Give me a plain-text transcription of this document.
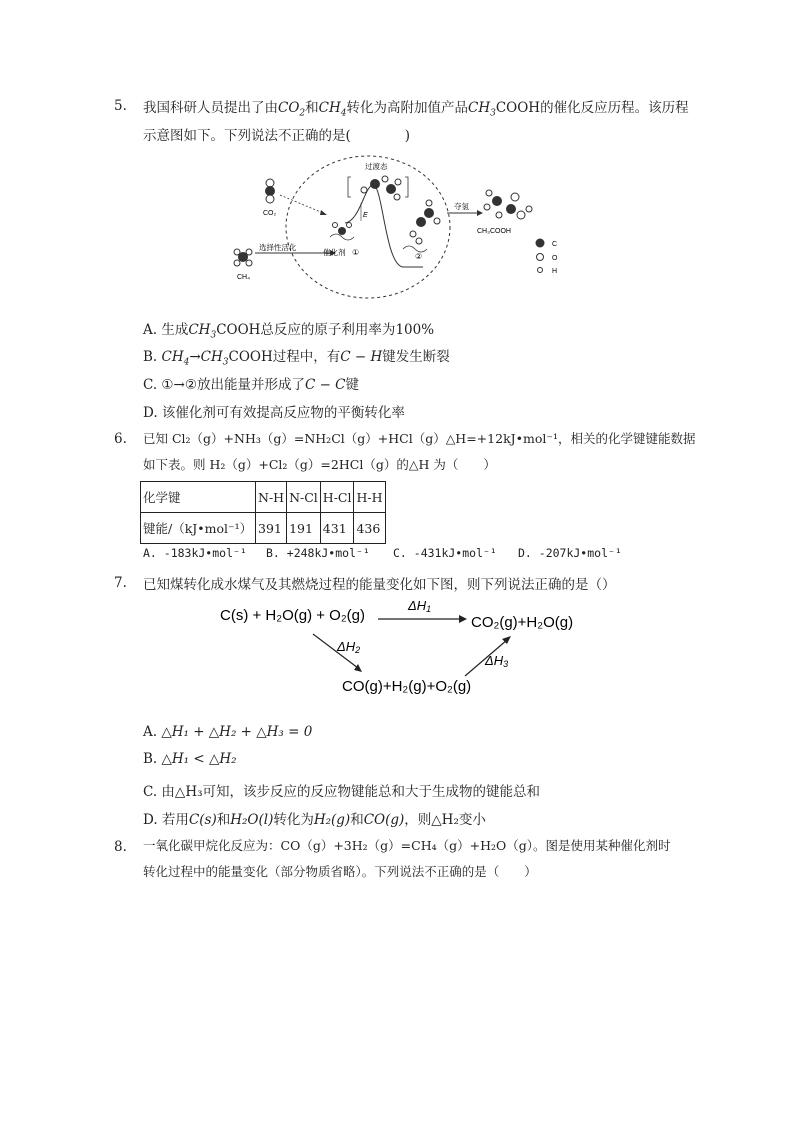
5. 我国科研人员提出了由$CO_2$和$CH_4$转化为高附加值产品$CH_3COOH$的催化反应历程。该历程
示意图如下。下列说法不正确的是(　　　　)
CO₂
CH₄
选择性活化
催化剂 ①
过渡态
E
②
夺氢
CH₃COOH
C
O
H
A. 生成$CH_3COOH$总反应的原子利用率为100%
B. $CH_4\to CH_3COOH$过程中，有C − H键发生断裂
C. ①→②放出能量并形成了C − C键
D. 该催化剂可有效提高反应物的平衡转化率
6. 已知 Cl₂（g）+NH₃（g）=NH₂Cl（g）+HCl（g）△H=+12kJ•mol⁻¹，相关的化学键键能数据
如下表。则 H₂（g）+Cl₂（g）=2HCl（g）的△H 为（　　）
化学键	N-H	N-Cl	H-Cl	H-H
键能/（kJ•mol⁻¹）	391	191	431	436
A. -183kJ•mol⁻¹ B. +248kJ•mol⁻¹ C. -431kJ•mol⁻¹ D. -207kJ•mol⁻¹
7. 已知煤转化成水煤气及其燃烧过程的能量变化如下图，则下列说法正确的是（）
C(s) + H₂O(g) + O₂(g)	CO₂(g)+H₂O(g)
CO(g)+H₂(g)+O₂(g)
ΔH1
ΔH2
ΔH3
A. △H₁ + △H₂ + △H₃ = 0
B. △H₁ < △H₂
C. 由△H₃可知，该步反应的反应物键能总和大于生成物的键能总和
D. 若用C(s)和H₂O(l)转化为H₂(g)和CO(g)，则△H₂变小
8. 一氧化碳甲烷化反应为：CO（g）+3H₂（g）=CH₄（g）+H₂O（g）。图是使用某种催化剂时
转化过程中的能量变化（部分物质省略）。下列说法不正确的是（　　）
